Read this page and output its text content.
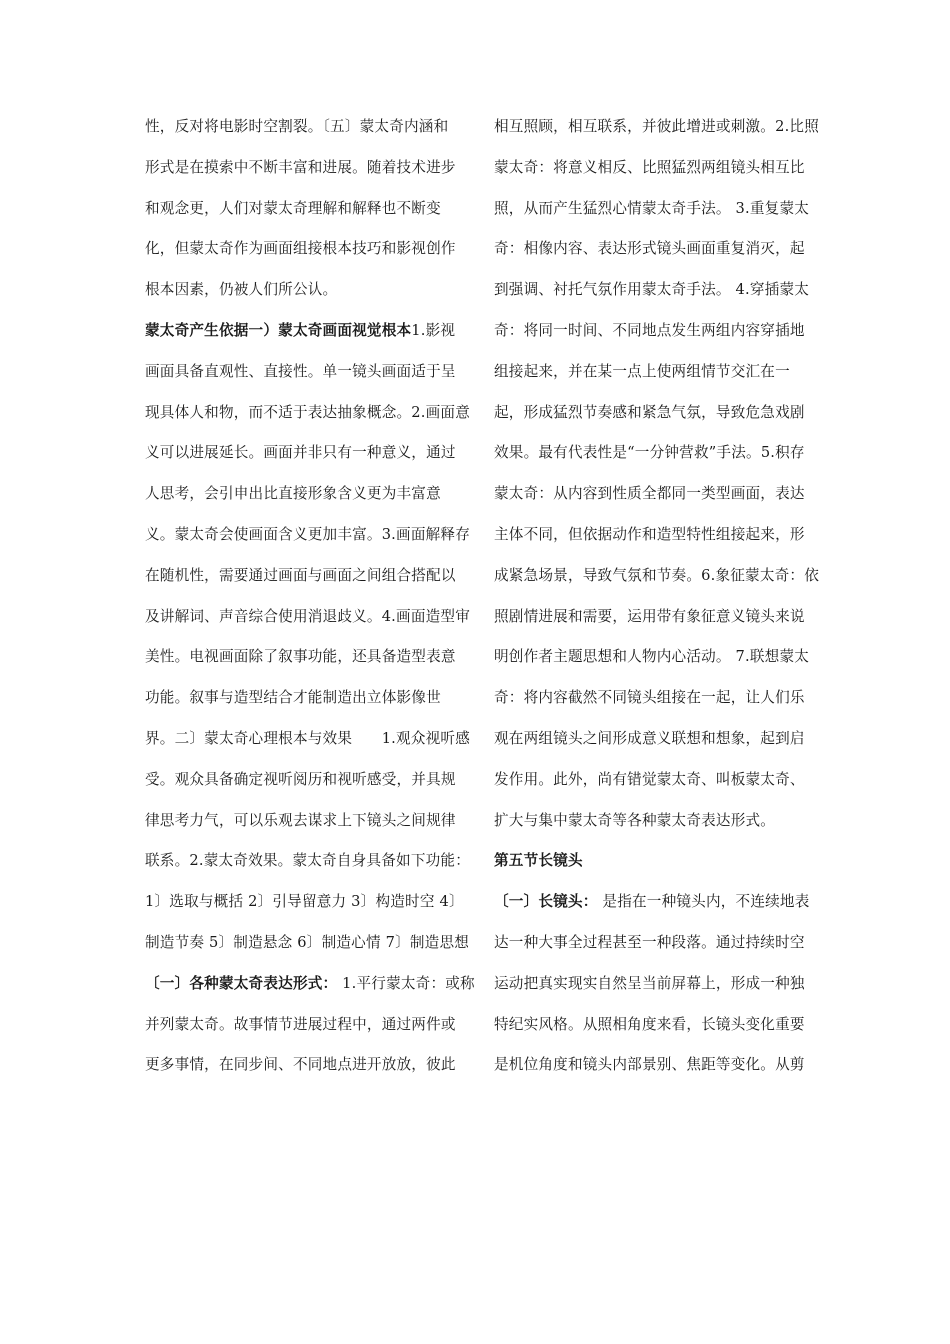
性，反对将电影时空割裂。〔五〕蒙太奇内涵和
形式是在摸索中不断丰富和进展。随着技术进步
和观念更，人们对蒙太奇理解和解释也不断变
化，但蒙太奇作为画面组接根本技巧和影视创作
根本因素，仍被人们所公认。
蒙太奇产生依据一）蒙太奇画面视觉根本1.影视
画面具备直观性、直接性。单一镜头画面适于呈
现具体人和物，而不适于表达抽象概念。2.画面意
义可以进展延长。画面并非只有一种意义，通过
人思考，会引申出比直接形象含义更为丰富意
义。蒙太奇会使画面含义更加丰富。3.画面解释存
在随机性，需要通过画面与画面之间组合搭配以
及讲解词、声音综合使用消退歧义。4.画面造型审
美性。电视画面除了叙事功能，还具备造型表意
功能。叙事与造型结合才能制造出立体影像世
界。二〕蒙太奇心理根本与效果　　1.观众视听感
受。观众具备确定视听阅历和视听感受，并具规
律思考力气，可以乐观去谋求上下镜头之间规律
联系。2.蒙太奇效果。蒙太奇自身具备如下功能：
1〕选取与概括 2〕引导留意力 3〕构造时空 4〕
制造节奏 5〕制造悬念 6〕制造心情 7〕制造思想
〔一〕各种蒙太奇表达形式： 1.平行蒙太奇：或称
并列蒙太奇。故事情节进展过程中，通过两件或
更多事情，在同步间、不同地点进开放放，彼此
相互照顾，相互联系，并彼此增进或刺激。2.比照
蒙太奇：将意义相反、比照猛烈两组镜头相互比
照，从而产生猛烈心情蒙太奇手法。 3.重复蒙太
奇：相像内容、表达形式镜头画面重复消灭，起
到强调、衬托气氛作用蒙太奇手法。 4.穿插蒙太
奇：将同一时间、不同地点发生两组内容穿插地
组接起来，并在某一点上使两组情节交汇在一
起，形成猛烈节奏感和紧急气氛，导致危急戏剧
效果。最有代表性是“一分钟营救”手法。5.积存
蒙太奇：从内容到性质全都同一类型画面，表达
主体不同，但依据动作和造型特性组接起来，形
成紧急场景，导致气氛和节奏。6.象征蒙太奇：依
照剧情进展和需要，运用带有象征意义镜头来说
明创作者主题思想和人物内心活动。 7.联想蒙太
奇：将内容截然不同镜头组接在一起，让人们乐
观在两组镜头之间形成意义联想和想象，起到启
发作用。此外，尚有错觉蒙太奇、叫板蒙太奇、
扩大与集中蒙太奇等各种蒙太奇表达形式。
第五节长镜头
〔一〕长镜头： 是指在一种镜头内，不连续地表
达一种大事全过程甚至一种段落。通过持续时空
运动把真实现实自然呈当前屏幕上，形成一种独
特纪实风格。从照相角度来看，长镜头变化重要
是机位角度和镜头内部景别、焦距等变化。从剪
